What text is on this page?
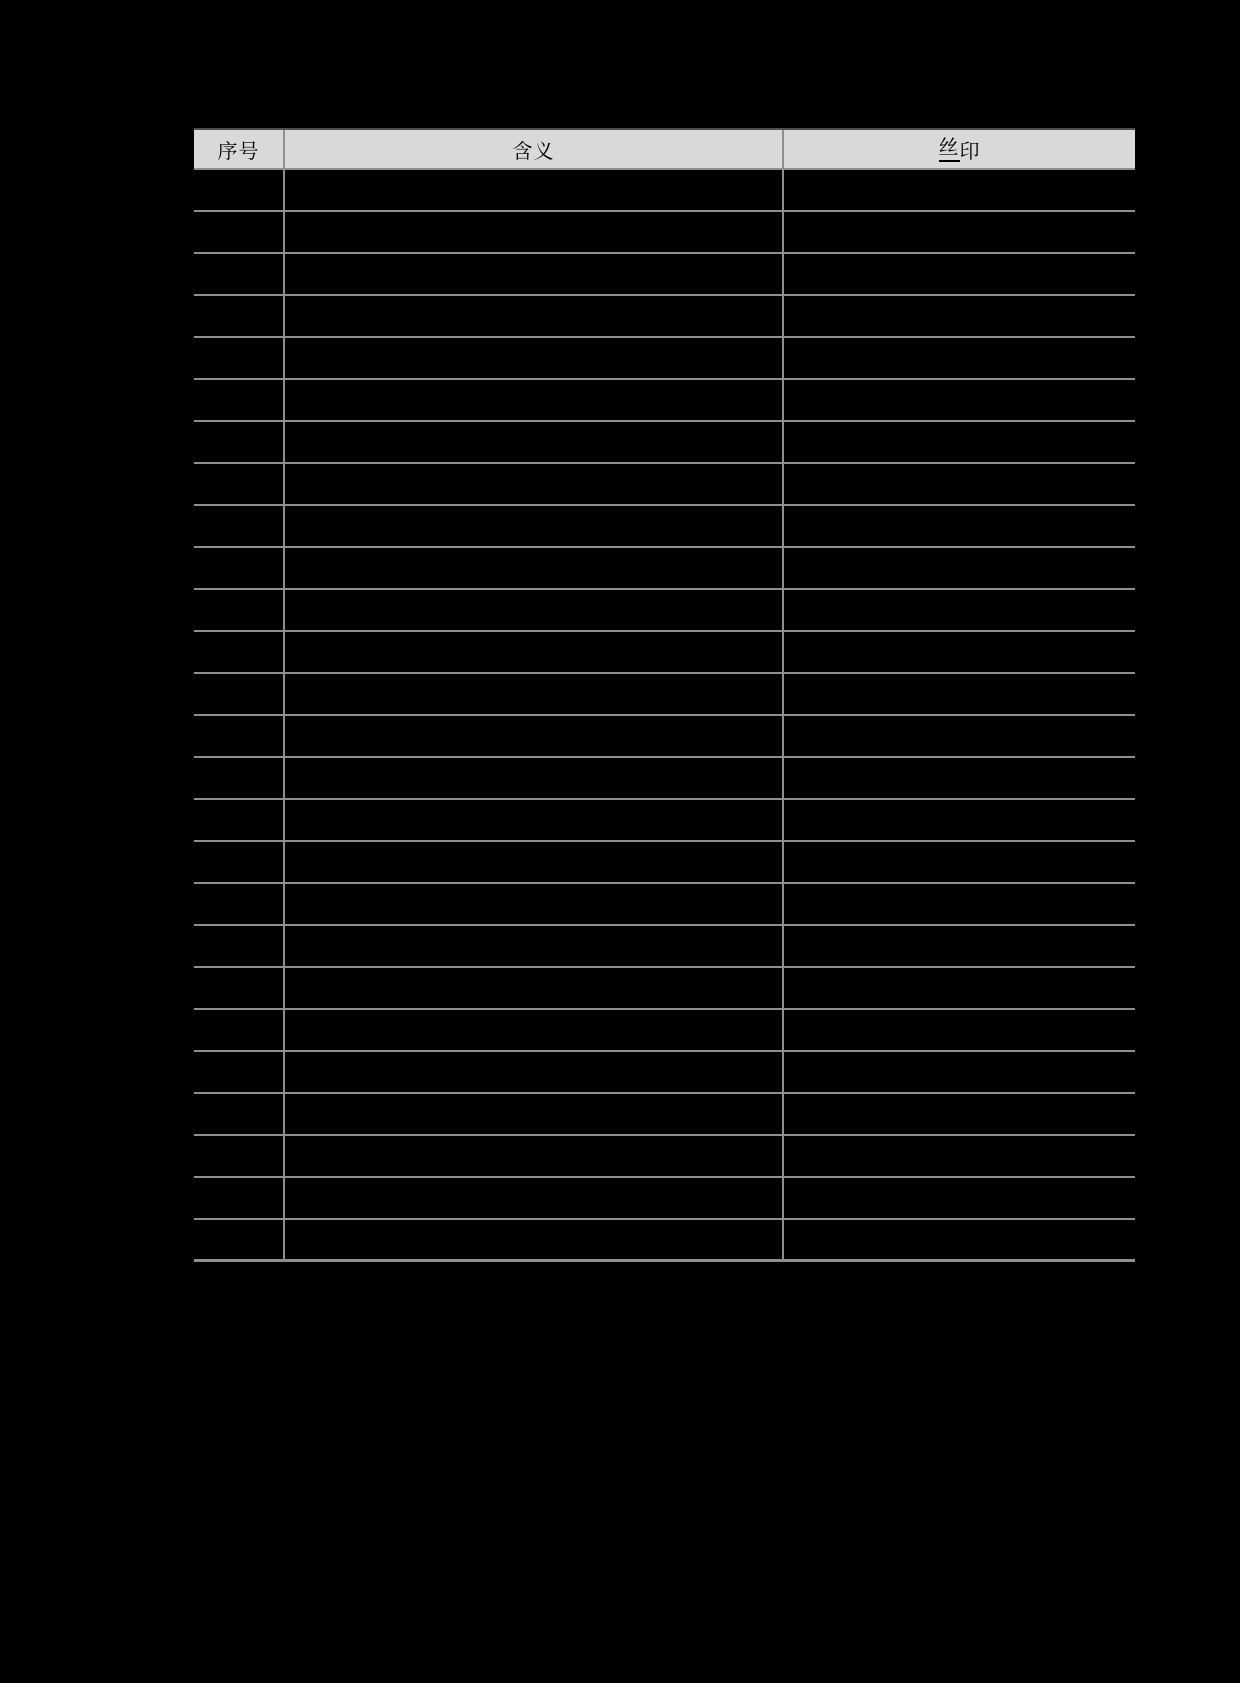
序号	含义	丝 印
